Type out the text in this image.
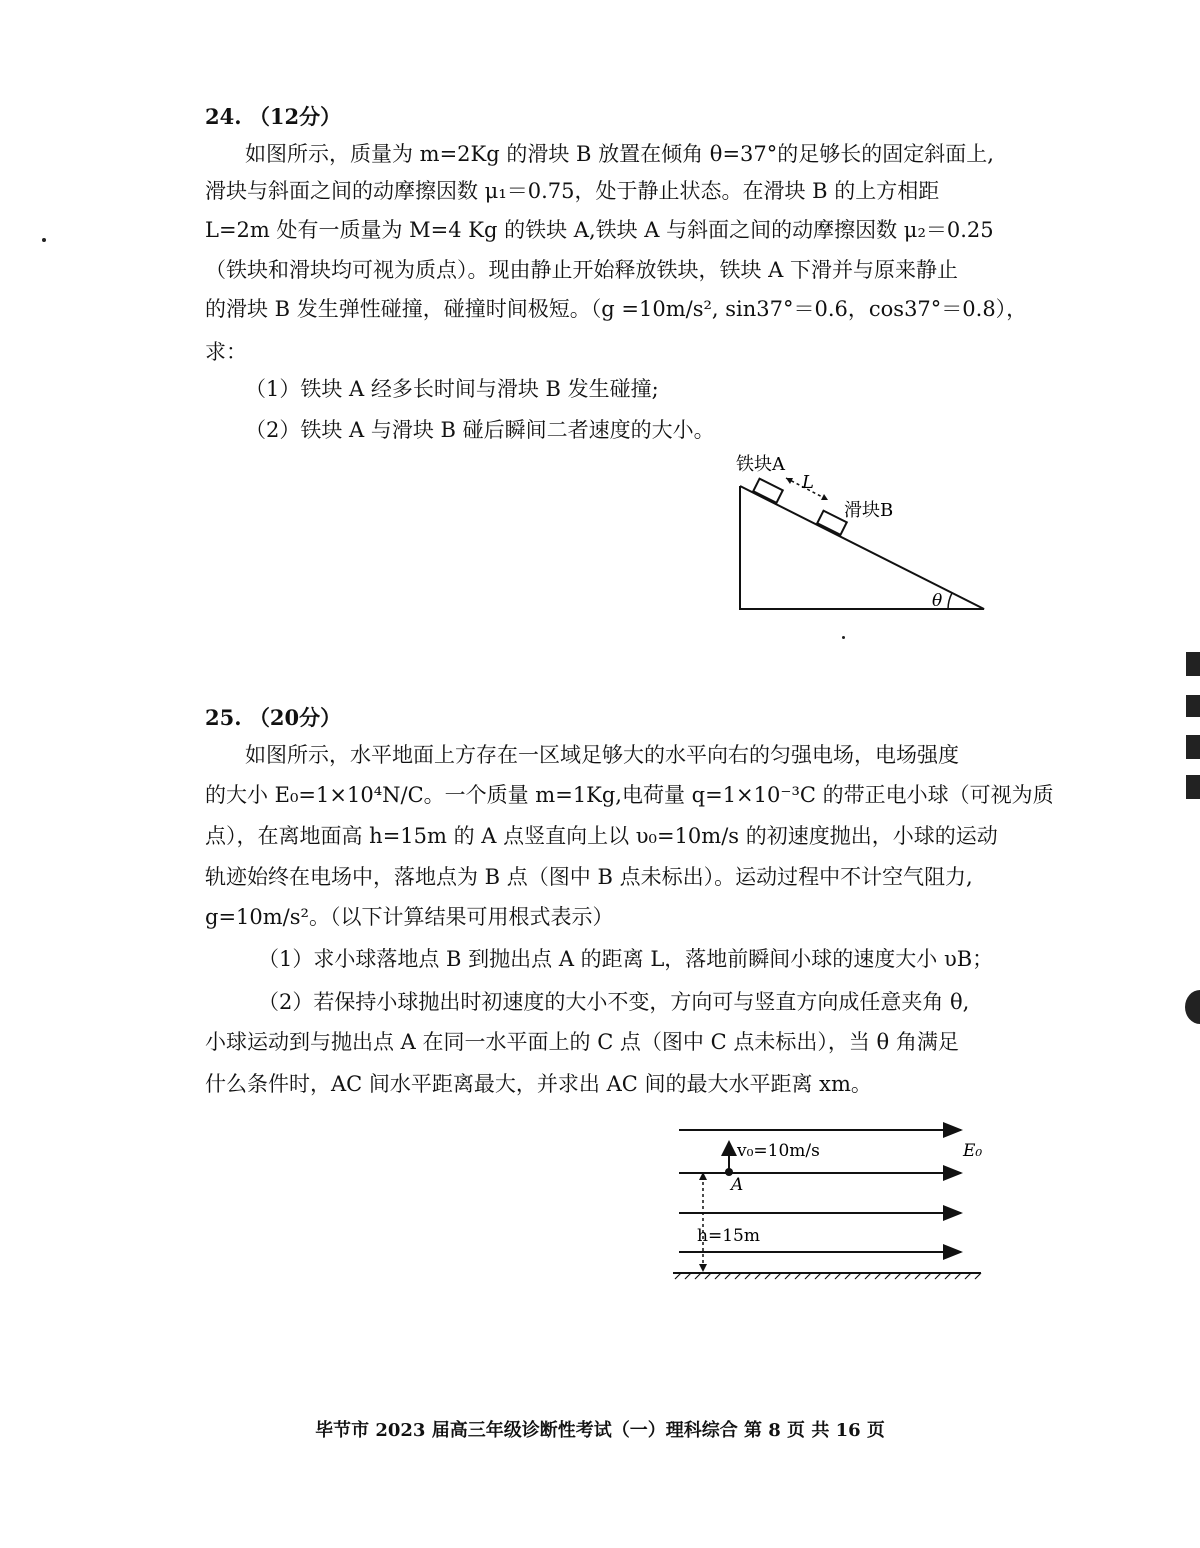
24. （12分）
如图所示，质量为 m=2Kg 的滑块 B 放置在倾角 θ=37°的足够长的固定斜面上,
滑块与斜面之间的动摩擦因数 μ₁＝0.75，处于静止状态。在滑块 B 的上方相距
L=2m 处有一质量为 M=4 Kg 的铁块 A,铁块 A 与斜面之间的动摩擦因数 μ₂＝0.25
（铁块和滑块均可视为质点）。现由静止开始释放铁块，铁块 A 下滑并与原来静止
的滑块 B 发生弹性碰撞，碰撞时间极短。（g =10m/s², sin37°＝0.6，cos37°＝0.8），
求：
（1）铁块 A 经多长时间与滑块 B 发生碰撞;
（2）铁块 A 与滑块 B 碰后瞬间二者速度的大小。
铁块A
L
滑块B
θ
25. （20分）
如图所示，水平地面上方存在一区域足够大的水平向右的匀强电场，电场强度
的大小 E₀=1×10⁴N/C。一个质量 m=1Kg,电荷量 q=1×10⁻³C 的带正电小球（可视为质
点），在离地面高 h=15m 的 A 点竖直向上以 υ₀=10m/s 的初速度抛出，小球的运动
轨迹始终在电场中，落地点为 B 点（图中 B 点未标出）。运动过程中不计空气阻力,
g=10m/s²。（以下计算结果可用根式表示）
（1）求小球落地点 B 到抛出点 A 的距离 L，落地前瞬间小球的速度大小 υB；
（2）若保持小球抛出时初速度的大小不变，方向可与竖直方向成任意夹角 θ,
小球运动到与抛出点 A 在同一水平面上的 C 点（图中 C 点未标出），当 θ 角满足
什么条件时，AC 间水平距离最大，并求出 AC 间的最大水平距离 xm。
v₀=10m/s	E₀
A
h=15m
毕节市 2023 届高三年级诊断性考试（一）理科综合 第 8 页 共 16 页
